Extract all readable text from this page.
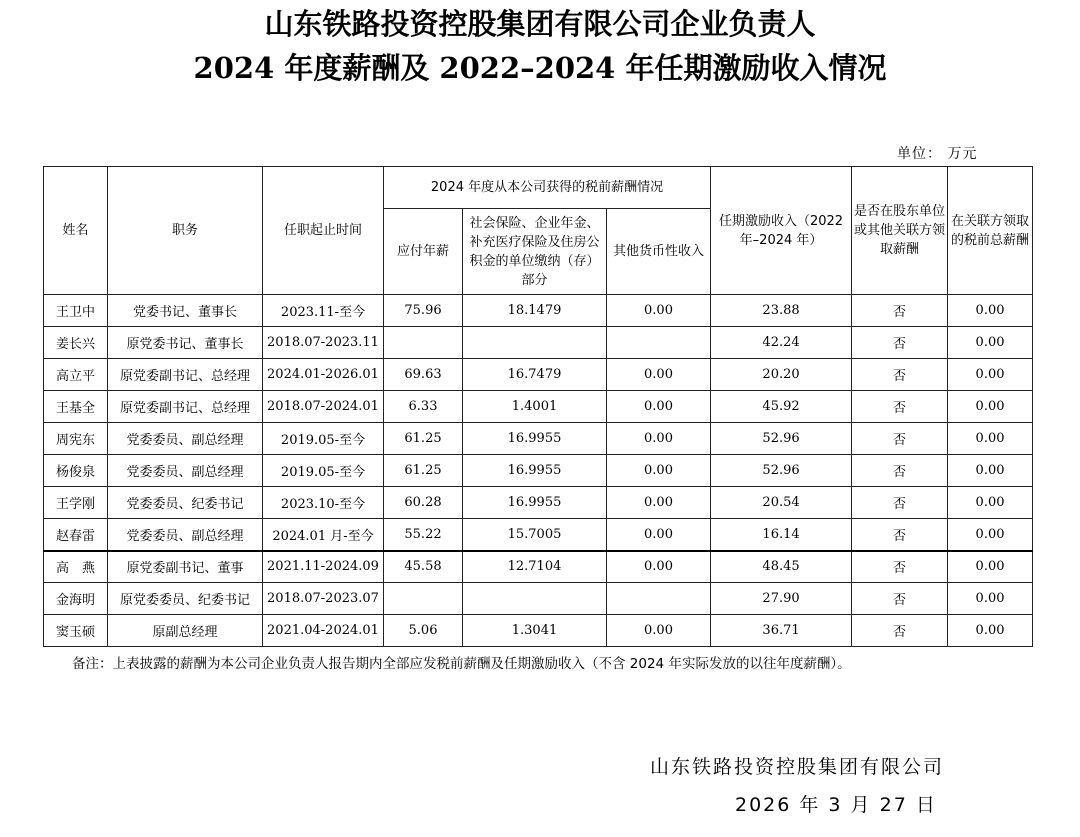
山东铁路投资控股集团有限公司企业负责人
2024 年度薪酬及 2022–2024 年任期激励收入情况
单位： 万元
姓名	职务	任职起止时间	2024 年度从本公司获得的税前薪酬情况			任期激励收入（2022 年–2024 年）	是否在股东单位或其他关联方领取薪酬	在关联方领取的税前总薪酬
			应付年薪	社会保险、企业年金、补充医疗保险及住房公积金的单位缴纳（存）部分	其他货币性收入			
王卫中	党委书记、董事长	2023.11-至今	75.96	18.1479	0.00	23.88	否	0.00
姜长兴	原党委书记、董事长	2018.07-2023.11				42.24	否	0.00
高立平	原党委副书记、总经理	2024.01-2026.01	69.63	16.7479	0.00	20.20	否	0.00
王基全	原党委副书记、总经理	2018.07-2024.01	6.33	1.4001	0.00	45.92	否	0.00
周宪东	党委委员、副总经理	2019.05-至今	61.25	16.9955	0.00	52.96	否	0.00
杨俊泉	党委委员、副总经理	2019.05-至今	61.25	16.9955	0.00	52.96	否	0.00
王学刚	党委委员、纪委书记	2023.10-至今	60.28	16.9955	0.00	20.54	否	0.00
赵春雷	党委委员、副总经理	2024.01 月-至今	55.22	15.7005	0.00	16.14	否	0.00
高　燕	原党委副书记、董事	2021.11-2024.09	45.58	12.7104	0.00	48.45	否	0.00
金海明	原党委委员、纪委书记	2018.07-2023.07				27.90	否	0.00
窦玉硕	原副总经理	2021.04-2024.01	5.06	1.3041	0.00	36.71	否	0.00
备注：上表披露的薪酬为本公司企业负责人报告期内全部应发税前薪酬及任期激励收入（不含 2024 年实际发放的以往年度薪酬）。
山东铁路投资控股集团有限公司
2026 年 3 月 27 日
